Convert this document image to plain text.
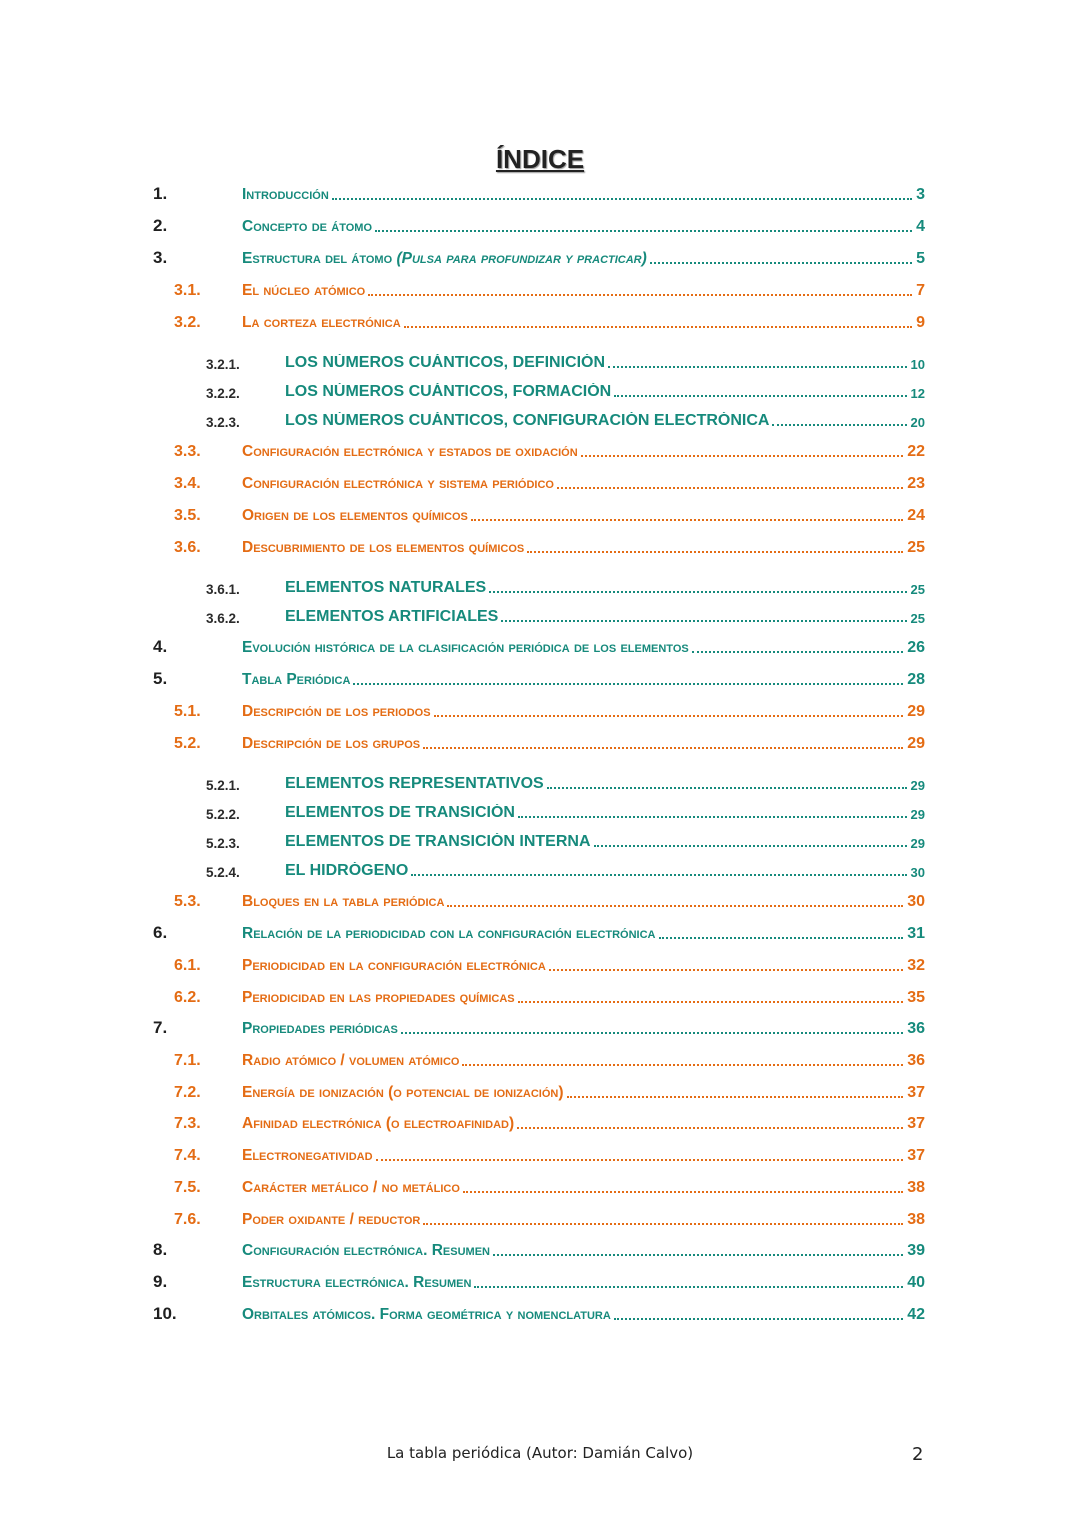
ÍNDICE
1.	Introducción	3
2.	Concepto de átomo	4
3.	Estructura del átomo (Pulsa para profundizar y practicar)	5
3.1.	El núcleo atómico	7
3.2.	La corteza electrónica	9
3.2.1.	LOS NÚMEROS CUÁNTICOS, DEFINICIÓN	10
3.2.2.	LOS NÚMEROS CUÁNTICOS, FORMACIÓN	12
3.2.3.	LOS NÚMEROS CUÁNTICOS, CONFIGURACIÓN ELECTRÓNICA	20
3.3.	Configuración electrónica y estados de oxidación	22
3.4.	Configuración electrónica y sistema periódico	23
3.5.	Origen de los elementos químicos	24
3.6.	Descubrimiento de los elementos químicos	25
3.6.1.	ELEMENTOS NATURALES	25
3.6.2.	ELEMENTOS ARTIFICIALES	25
4.	Evolución histórica de la clasificación periódica de los elementos	26
5.	Tabla Periódica	28
5.1.	Descripción de los periodos	29
5.2.	Descripción de los grupos	29
5.2.1.	ELEMENTOS REPRESENTATIVOS	29
5.2.2.	ELEMENTOS DE TRANSICIÓN	29
5.2.3.	ELEMENTOS DE TRANSICIÓN INTERNA	29
5.2.4.	EL HIDRÓGENO	30
5.3.	Bloques en la tabla periódica	30
6.	Relación de la periodicidad con la configuración electrónica	31
6.1.	Periodicidad en la configuración electrónica	32
6.2.	Periodicidad en las propiedades químicas	35
7.	Propiedades periódicas	36
7.1.	Radio atómico / volumen atómico	36
7.2.	Energía de ionización (o potencial de ionización)	37
7.3.	Afinidad electrónica (o electroafinidad)	37
7.4.	Electronegatividad	37
7.5.	Carácter metálico / no metálico	38
7.6.	Poder oxidante / reductor	38
8.	Configuración electrónica. Resumen	39
9.	Estructura electrónica. Resumen	40
10.	Orbitales atómicos. Forma geométrica y nomenclatura	42
La tabla periódica (Autor: Damián Calvo)	2
